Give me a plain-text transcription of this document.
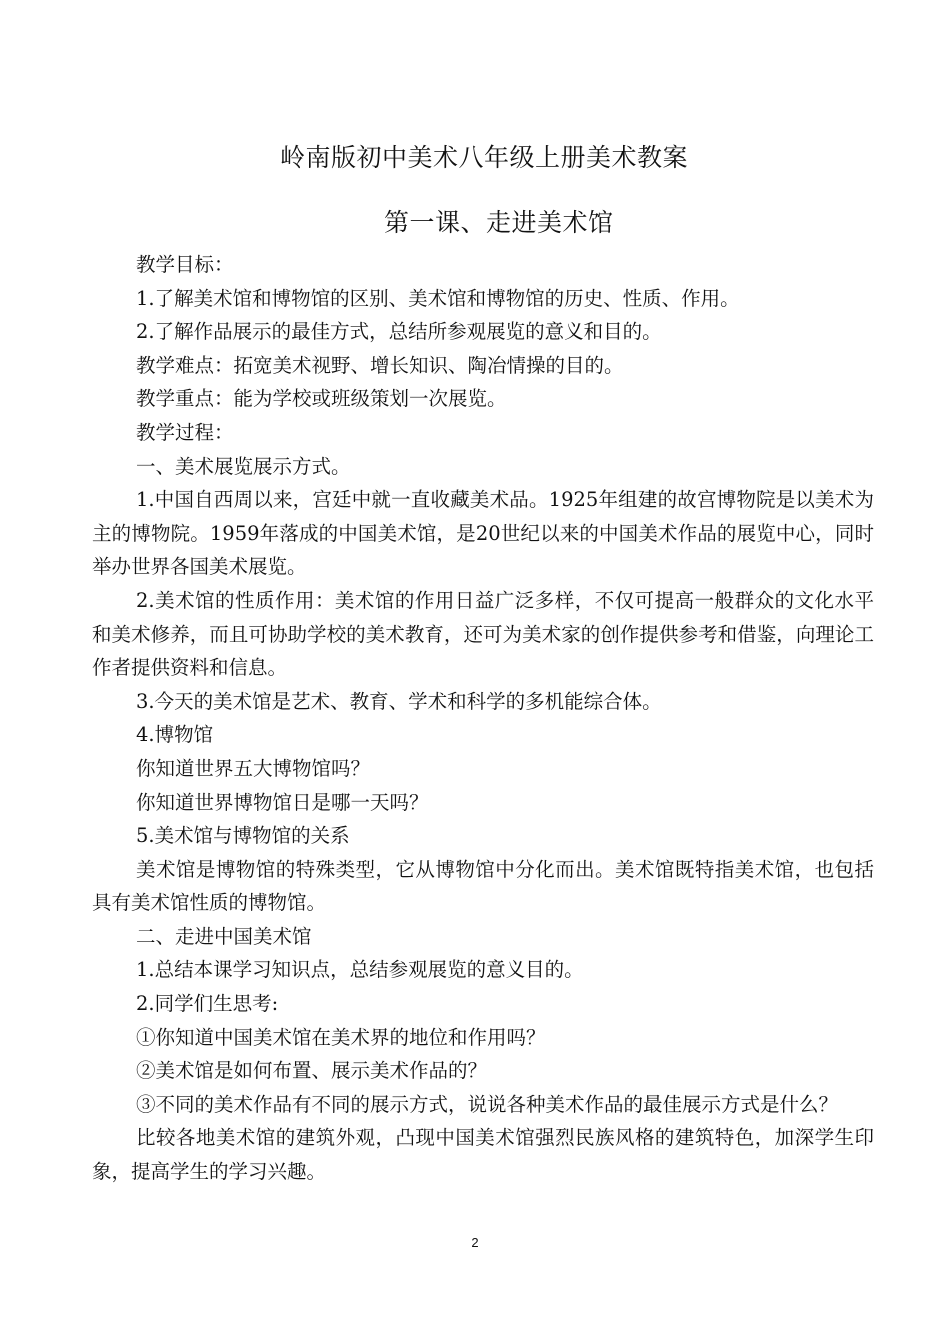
岭南版初中美术八年级上册美术教案
第一课、走进美术馆

教学目标：

1.了解美术馆和博物馆的区别、美术馆和博物馆的历史、性质、作用。

2.了解作品展示的最佳方式，总结所参观展览的意义和目的。

教学难点：拓宽美术视野、增长知识、陶冶情操的目的。

教学重点：能为学校或班级策划一次展览。

教学过程：

一、美术展览展示方式。

1.中国自西周以来，宫廷中就一直收藏美术品。1925年组建的故宫博物院是以美术为主的博物院。1959年落成的中国美术馆，是20世纪以来的中国美术作品的展览中心，同时举办世界各国美术展览。

2.美术馆的性质作用：美术馆的作用日益广泛多样，不仅可提高一般群众的文化水平和美术修养，而且可协助学校的美术教育，还可为美术家的创作提供参考和借鉴，向理论工作者提供资料和信息。

3.今天的美术馆是艺术、教育、学术和科学的多机能综合体。

4.博物馆

你知道世界五大博物馆吗？

你知道世界博物馆日是哪一天吗？

5.美术馆与博物馆的关系

美术馆是博物馆的特殊类型，它从博物馆中分化而出。美术馆既特指美术馆，也包括具有美术馆性质的博物馆。

二、走进中国美术馆

1.总结本课学习知识点，总结参观展览的意义目的。

2.同学们生思考:

①你知道中国美术馆在美术界的地位和作用吗？

②美术馆是如何布置、展示美术作品的？

③不同的美术作品有不同的展示方式，说说各种美术作品的最佳展示方式是什么？

比较各地美术馆的建筑外观，凸现中国美术馆强烈民族风格的建筑特色，加深学生印象，提高学生的学习兴趣。

2
